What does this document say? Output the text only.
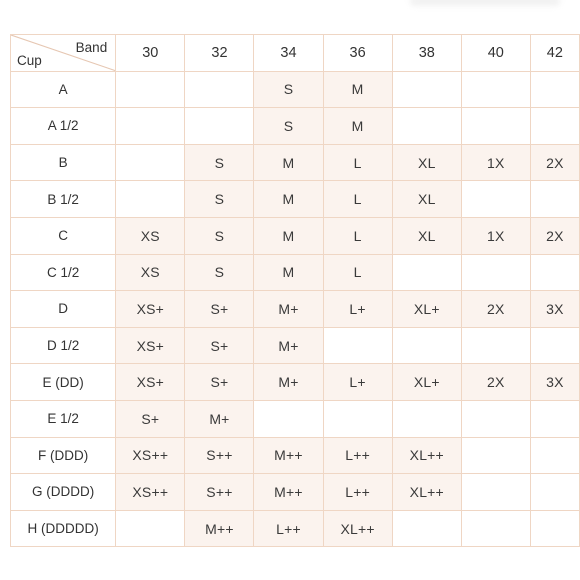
Band
Cup	30	32	34	36	38	40	42
A			S	M			
A 1/2			S	M			
B		S	M	L	XL	1X	2X
B 1/2		S	M	L	XL		
C	XS	S	M	L	XL	1X	2X
C 1/2	XS	S	M	L			
D	XS+	S+	M+	L+	XL+	2X	3X
D 1/2	XS+	S+	M+				
E (DD)	XS+	S+	M+	L+	XL+	2X	3X
E 1/2	S+	M+					
F (DDD)	XS++	S++	M++	L++	XL++		
G (DDDD)	XS++	S++	M++	L++	XL++		
H (DDDDD)		M++	L++	XL++			
